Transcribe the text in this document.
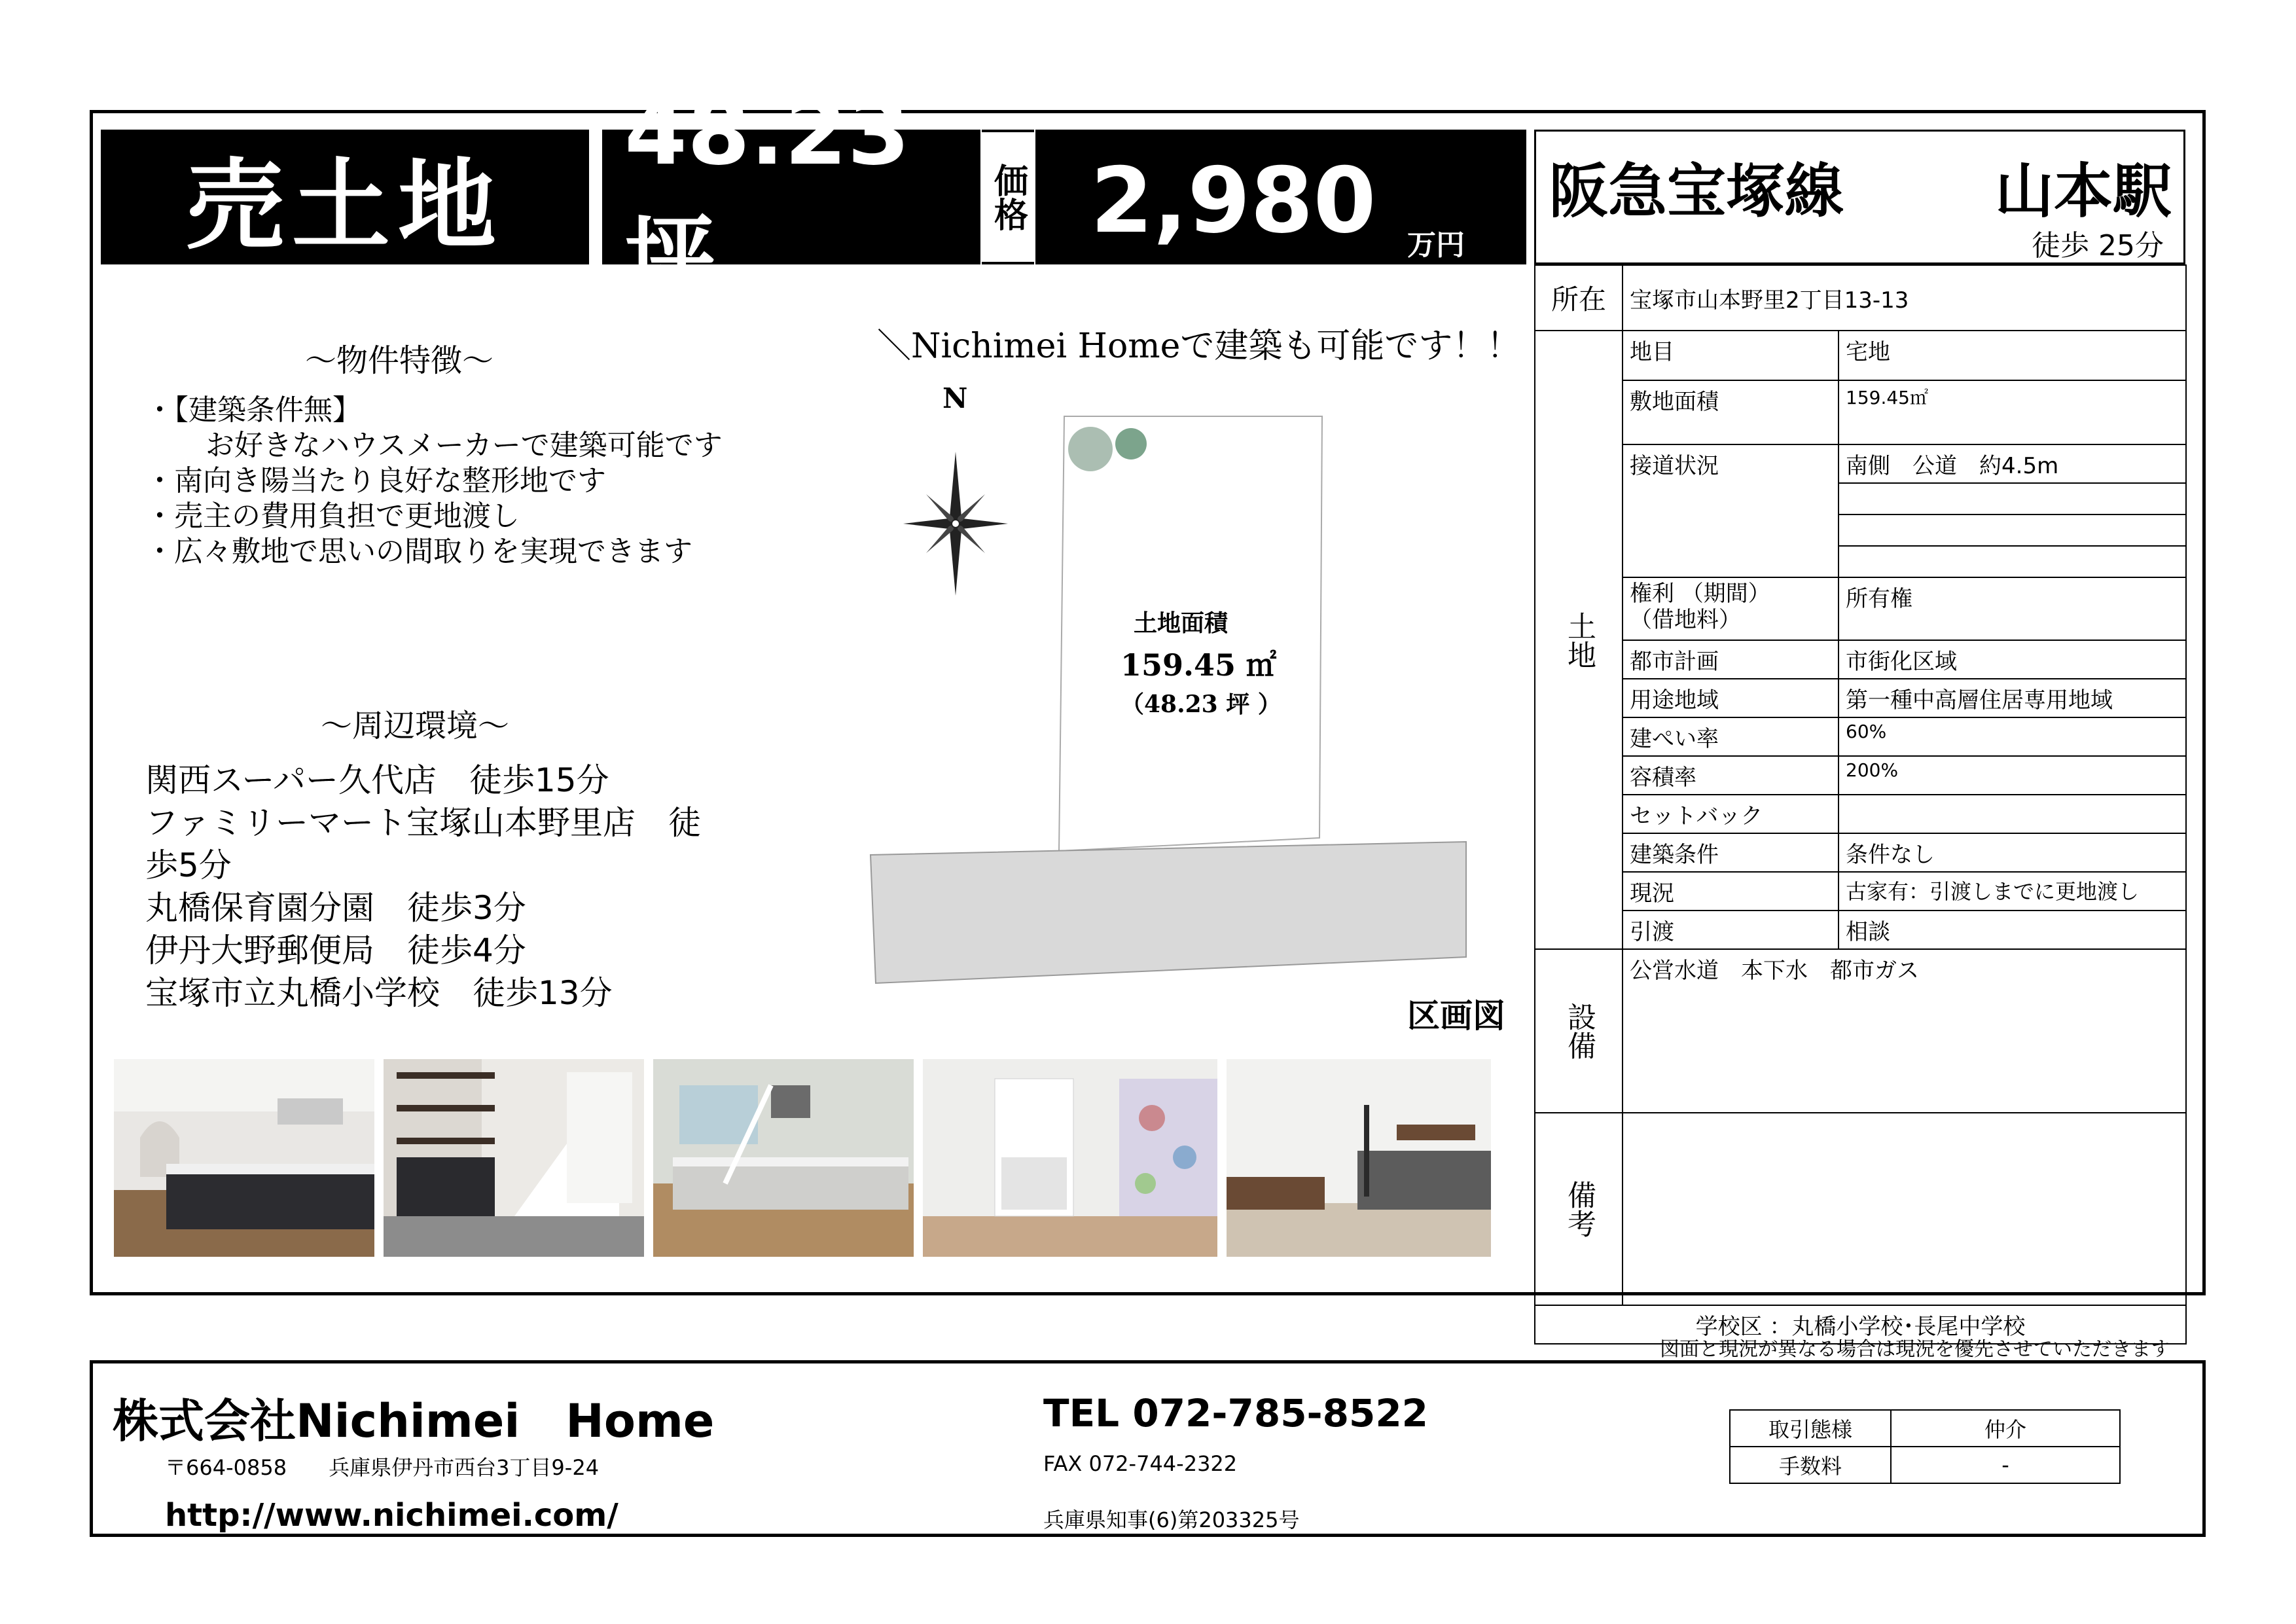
売土地
48.23 坪
価格 2,980 万円
阪急宝塚線	山本駅
徒歩 25分
～物件特徴～
・【建築条件無】
お好きなハウスメーカーで建築可能です
・南向き陽当たり良好な整形地です
・売主の費用負担で更地渡し
・広々敷地で思いの間取りを実現できます
～周辺環境～
関西スーパー久代店　徒歩15分
ファミリーマート宝塚山本野里店　徒
歩5分
丸橋保育園分園　徒歩3分
伊丹大野郵便局　徒歩4分
宝塚市立丸橋小学校　徒歩13分
＼Nichimei Homeで建築も可能です！！
N
土地面積
159.45 ㎡
（48.23 坪 ）
区画図
所在	宝塚市山本野里2丁目13-13	
土地	地目	宅地
	敷地面積	159.45㎡
	接道状況	南側　公道　約4.5m

	権利 （期間）
（借地料）	所有権
	都市計画	市街化区域
	用途地域	第一種中高層住居専用地域
	建ぺい率	60%
	容積率	200%
	セットバック	
	建築条件	条件なし
	現況	古家有：引渡しまでに更地渡し
	引渡	相談
設備	公営水道　本下水　都市ガス	
備考		
学校区 ：丸橋小学校･長尾中学校		
図面と現況が異なる場合は現況を優先させていただきます
株式会社Nichimei　Home
〒664-0858　　兵庫県伊丹市西台3丁目9-24
http://www.nichimei.com/
TEL 072-785-8522
FAX 072-744-2322
兵庫県知事(6)第203325号
取引態様	仲介
手数料	-
